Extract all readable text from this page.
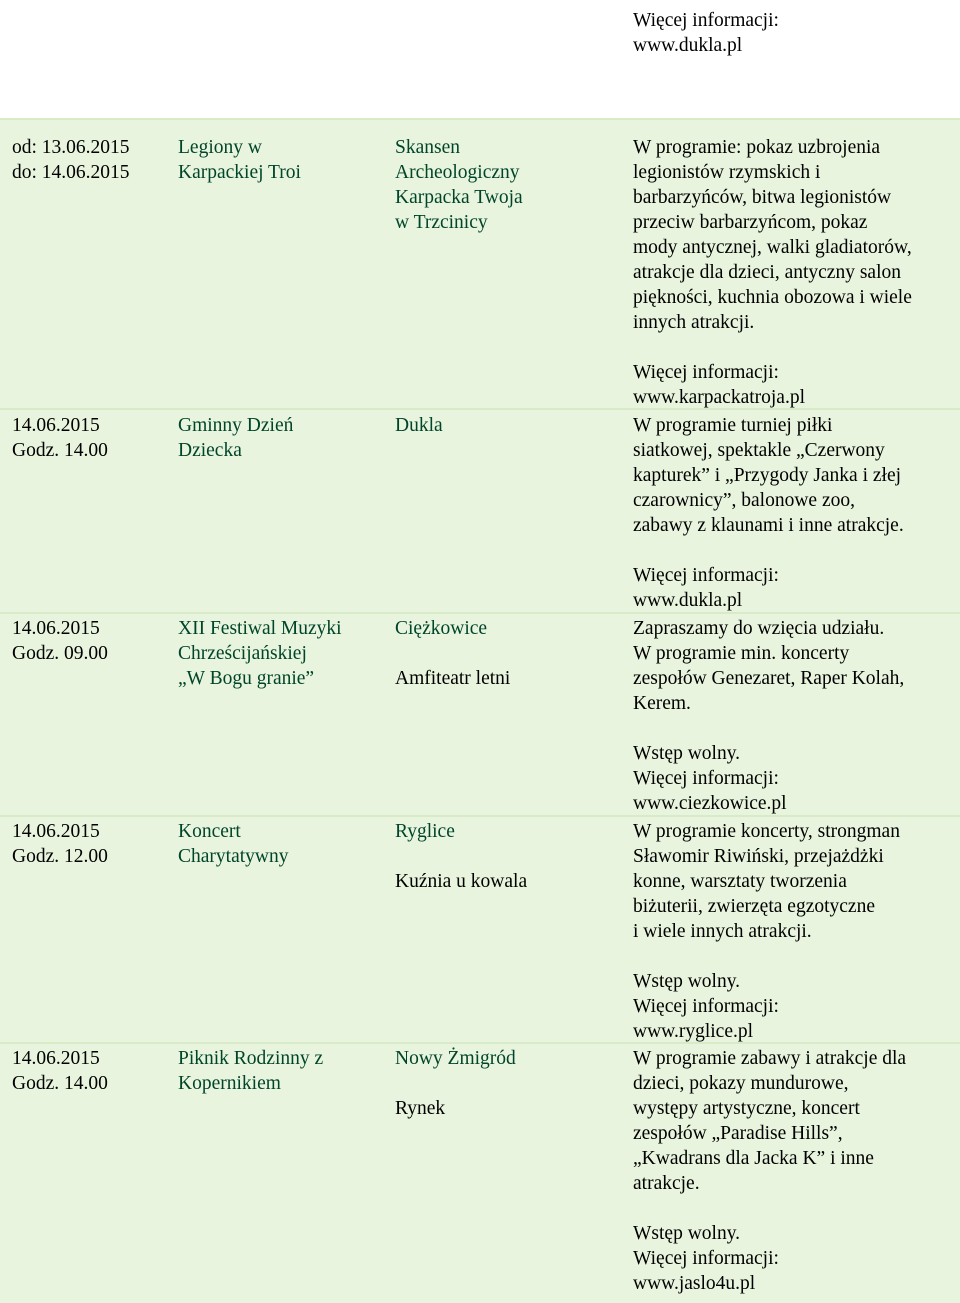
Więcej informacji:
www.dukla.pl
od: 13.06.2015
do: 14.06.2015
Legiony w
Karpackiej Troi
Skansen
Archeologiczny
Karpacka Twoja
w Trzcinicy
W programie: pokaz uzbrojenia
legionistów rzymskich i
barbarzyńców, bitwa legionistów
przeciw barbarzyńcom, pokaz
mody antycznej, walki gladiatorów,
atrakcje dla dzieci, antyczny salon
piękności, kuchnia obozowa i wiele
innych atrakcji.
Więcej informacji:
www.karpackatroja.pl
14.06.2015
Godz. 14.00
Gminny Dzień
Dziecka
Dukla	W programie turniej piłki
siatkowej, spektakle „Czerwony
kapturek” i „Przygody Janka i złej
czarownicy”, balonowe zoo,
zabawy z klaunami i inne atrakcje.
Więcej informacji:
www.dukla.pl
14.06.2015
Godz. 09.00
XII Festiwal Muzyki
Chrześcijańskiej
„W Bogu granie”
Ciężkowice
Amfiteatr letni
Zapraszamy do wzięcia udziału.
W programie min. koncerty
zespołów Genezaret, Raper Kolah,
Kerem.
Wstęp wolny.
Więcej informacji:
www.ciezkowice.pl
14.06.2015
Godz. 12.00
Koncert
Charytatywny
Ryglice
Kuźnia u kowala
W programie koncerty, strongman
Sławomir Riwiński, przejażdżki
konne, warsztaty tworzenia
biżuterii, zwierzęta egzotyczne
i wiele innych atrakcji.
Wstęp wolny.
Więcej informacji:
www.ryglice.pl
14.06.2015
Godz. 14.00
Piknik Rodzinny z
Kopernikiem
Nowy Żmigród
Rynek
W programie zabawy i atrakcje dla
dzieci, pokazy mundurowe,
występy artystyczne, koncert
zespołów „Paradise Hills”,
„Kwadrans dla Jacka K” i inne
atrakcje.
Wstęp wolny.
Więcej informacji:
www.jaslo4u.pl
